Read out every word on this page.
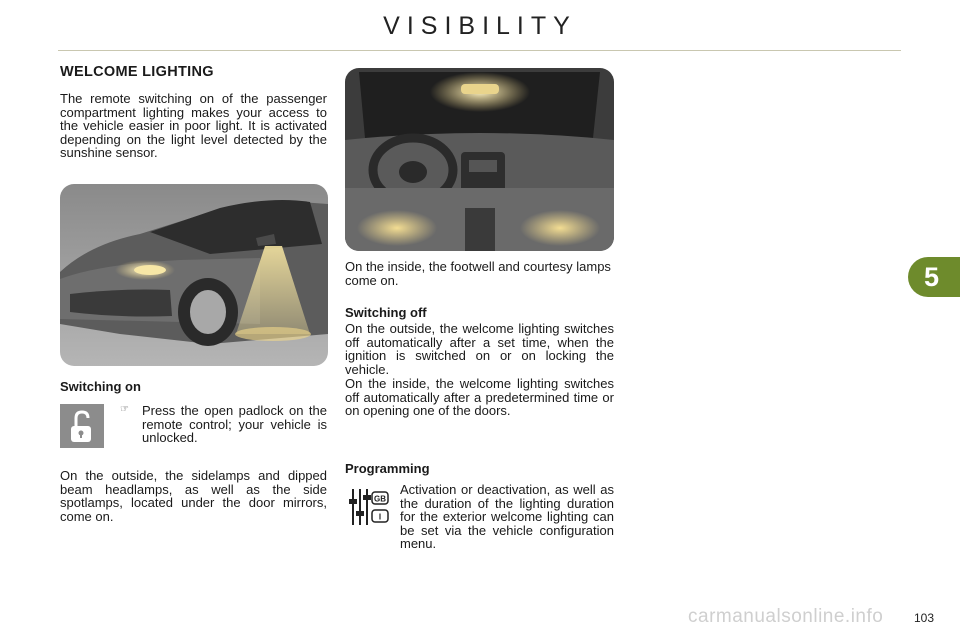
VISIBILITY
5
WELCOME LIGHTING

The remote switching on of the passenger compartment lighting makes your access to the vehicle easier in poor light. It is activated depending on the light level detected by the sunshine sensor.

Switching on
☞ Press the open padlock on the remote control; your vehicle is unlocked.

On the outside, the sidelamps and dipped beam headlamps, as well as the side spotlamps, located under the door mirrors, come on.

On the inside, the footwell and courtesy lamps come on.

Switching off

On the outside, the welcome lighting switches off automatically after a set time, when the ignition is switched on or on locking the vehicle.

On the inside, the welcome lighting switches off automatically after a predetermined time or on opening one of the doors.

Programming
GB
I

Activation or deactivation, as well as the duration of the lighting duration for the exterior welcome lighting can be set via the vehicle configuration menu.

103
carmanualsonline.info
